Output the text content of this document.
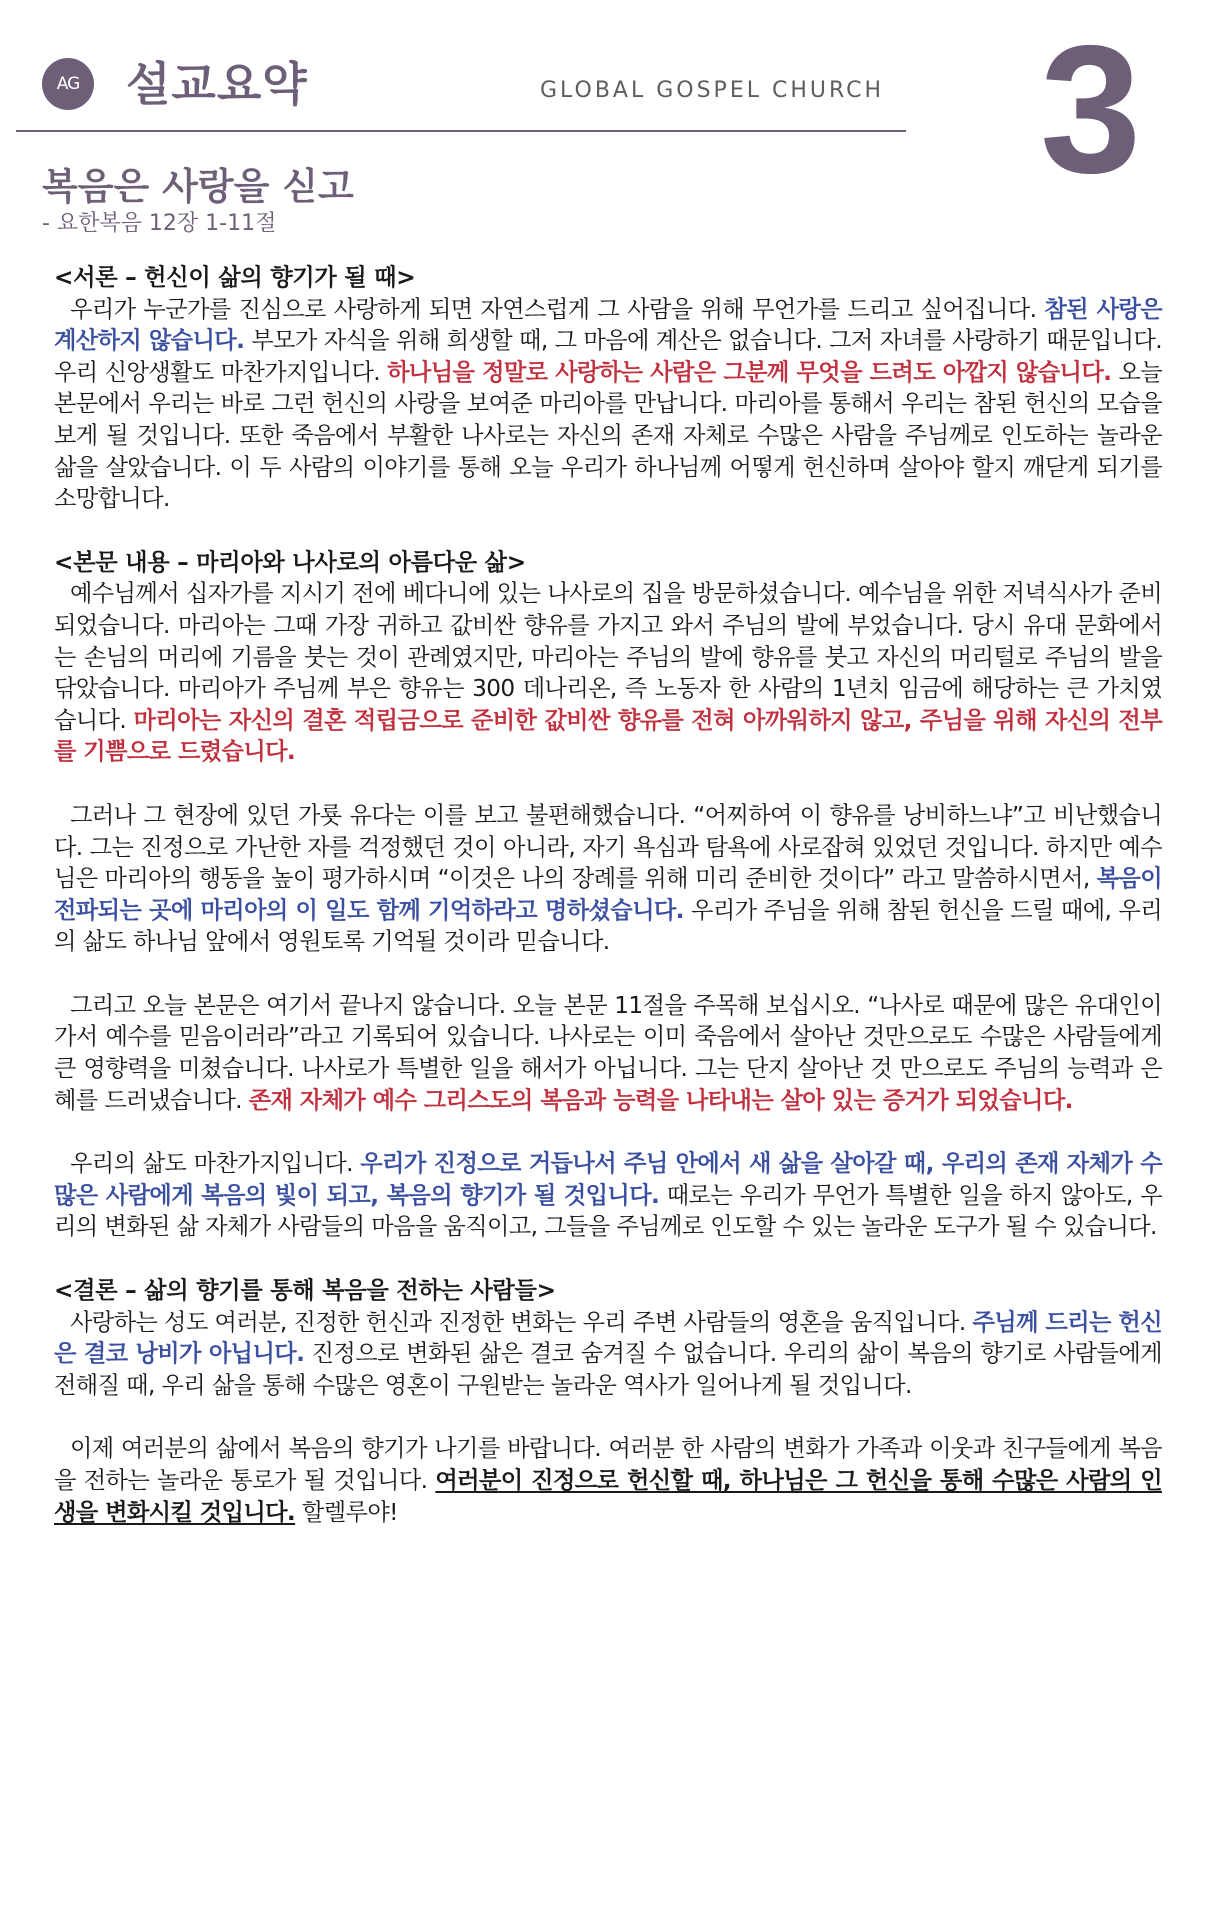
AG	설교요약	GLOBAL GOSPEL CHURCH 3
복음은 사랑을 싣고
- 요한복음 12장 1-11절

<서론 – 헌신이 삶의 향기가 될 때>

우리가 누군가를 진심으로 사랑하게 되면 자연스럽게 그 사람을 위해 무언가를 드리고 싶어집니다. 참된 사랑은 계산하지 않습니다. 부모가 자식을 위해 희생할 때, 그 마음에 계산은 없습니다. 그저 자녀를 사랑하기 때문입니다. 우리 신앙생활도 마찬가지입니다. 하나님을 정말로 사랑하는 사람은 그분께 무엇을 드려도 아깝지 않습니다. 오늘 본문에서 우리는 바로 그런 헌신의 사랑을 보여준 마리아를 만납니다. 마리아를 통해서 우리는 참된 헌신의 모습을 보게 될 것입니다. 또한 죽음에서 부활한 나사로는 자신의 존재 자체로 수많은 사람을 주님께로 인도하는 놀라운 삶을 살았습니다. 이 두 사람의 이야기를 통해 오늘 우리가 하나님께 어떻게 헌신하며 살아야 할지 깨닫게 되기를 소망합니다.

<본문 내용 – 마리아와 나사로의 아름다운 삶>

예수님께서 십자가를 지시기 전에 베다니에 있는 나사로의 집을 방문하셨습니다. 예수님을 위한 저녁식사가 준비되었습니다. 마리아는 그때 가장 귀하고 값비싼 향유를 가지고 와서 주님의 발에 부었습니다. 당시 유대 문화에서는 손님의 머리에 기름을 붓는 것이 관례였지만, 마리아는 주님의 발에 향유를 붓고 자신의 머리털로 주님의 발을 닦았습니다. 마리아가 주님께 부은 향유는 300 데나리온, 즉 노동자 한 사람의 1년치 임금에 해당하는 큰 가치였습니다. 마리아는 자신의 결혼 적립금으로 준비한 값비싼 향유를 전혀 아까워하지 않고, 주님을 위해 자신의 전부를 기쁨으로 드렸습니다.

그러나 그 현장에 있던 가룟 유다는 이를 보고 불편해했습니다. “어찌하여 이 향유를 낭비하느냐”고 비난했습니다. 그는 진정으로 가난한 자를 걱정했던 것이 아니라, 자기 욕심과 탐욕에 사로잡혀 있었던 것입니다. 하지만 예수님은 마리아의 행동을 높이 평가하시며 “이것은 나의 장례를 위해 미리 준비한 것이다” 라고 말씀하시면서, 복음이 전파되는 곳에 마리아의 이 일도 함께 기억하라고 명하셨습니다. 우리가 주님을 위해 참된 헌신을 드릴 때에, 우리의 삶도 하나님 앞에서 영원토록 기억될 것이라 믿습니다.

그리고 오늘 본문은 여기서 끝나지 않습니다. 오늘 본문 11절을 주목해 보십시오. “나사로 때문에 많은 유대인이 가서 예수를 믿음이러라”라고 기록되어 있습니다. 나사로는 이미 죽음에서 살아난 것만으로도 수많은 사람들에게 큰 영향력을 미쳤습니다. 나사로가 특별한 일을 해서가 아닙니다. 그는 단지 살아난 것 만으로도 주님의 능력과 은혜를 드러냈습니다. 존재 자체가 예수 그리스도의 복음과 능력을 나타내는 살아 있는 증거가 되었습니다.

우리의 삶도 마찬가지입니다. 우리가 진정으로 거듭나서 주님 안에서 새 삶을 살아갈 때, 우리의 존재 자체가 수많은 사람에게 복음의 빛이 되고, 복음의 향기가 될 것입니다. 때로는 우리가 무언가 특별한 일을 하지 않아도, 우리의 변화된 삶 자체가 사람들의 마음을 움직이고, 그들을 주님께로 인도할 수 있는 놀라운 도구가 될 수 있습니다.

<결론 – 삶의 향기를 통해 복음을 전하는 사람들>

사랑하는 성도 여러분, 진정한 헌신과 진정한 변화는 우리 주변 사람들의 영혼을 움직입니다. 주님께 드리는 헌신은 결코 낭비가 아닙니다. 진정으로 변화된 삶은 결코 숨겨질 수 없습니다. 우리의 삶이 복음의 향기로 사람들에게 전해질 때, 우리 삶을 통해 수많은 영혼이 구원받는 놀라운 역사가 일어나게 될 것입니다.

이제 여러분의 삶에서 복음의 향기가 나기를 바랍니다. 여러분 한 사람의 변화가 가족과 이웃과 친구들에게 복음을 전하는 놀라운 통로가 될 것입니다. 여러분이 진정으로 헌신할 때, 하나님은 그 헌신을 통해 수많은 사람의 인생을 변화시킬 것입니다. 할렐루야!
